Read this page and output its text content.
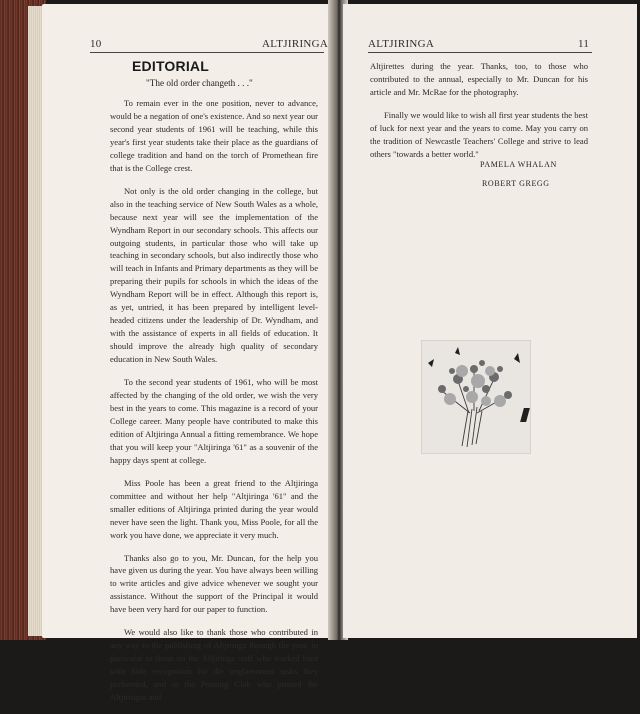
10	ALTJIRINGA
EDITORIAL
"The old order changeth . . ."

To remain ever in the one position, never to advance, would be a negation of one's existence. And so next year our second year students of 1961 will be teaching, while this year's first year students take their place as the guardians of college tradition and hand on the torch of Promethean fire that is the College crest.

Not only is the old order changing in the college, but also in the teaching service of New South Wales as a whole, because next year will see the implementation of the Wyndham Report in our secondary schools. This affects our outgoing students, in particular those who will take up teaching in secondary schools, but also indirectly those who will teach in Infants and Primary departments as they will be preparing their pupils for schools in which the ideas of the Wyndham Report will be in effect. Although this report is, as yet, untried, it has been prepared by intelligent level-headed citizens under the leadership of Dr. Wyndham, and with the assistance of experts in all fields of education. It should improve the already high quality of secondary education in New South Wales.

To the second year students of 1961, who will be most affected by the changing of the old order, we wish the very best in the years to come. This magazine is a record of your College career. Many people have contributed to make this edition of Altjiringa Annual a fitting remembrance. We hope that you will keep your "Altjiringa '61" as a souvenir of the happy days spent at college.

Miss Poole has been a great friend to the Altjiringa committee and without her help "Altjiringa '61" and the smaller editions of Altjiringa printed during the year would never have seen the light. Thank you, Miss Poole, for all the work you have done, we appreciate it very much.

Thanks also go to you, Mr. Duncan, for the help you have given us during the year. You have always been willing to write articles and give advice whenever we sought your assistance. Without the support of the Principal it would have been very hard for our paper to function.

We would also like to thank those who contributed in any way to the publishing of Altjiringa through the year, in particular to those on the Altjiringa staff who worked hard with little recognition for the unglamorous tasks they performed, and to the Printing Club who printed the Altjiringas and

ALTJIRINGA	11

Altjirettes during the year. Thanks, too, to those who contributed to the annual, especially to Mr. Duncan for his article and Mr. McRae for the photography.

Finally we would like to wish all first year students the best of luck for next year and the years to come. May you carry on the tradition of Newcastle Teachers' College and strive to lead others "towards a better world."

PAMELA WHALAN
ROBERT GREGG
